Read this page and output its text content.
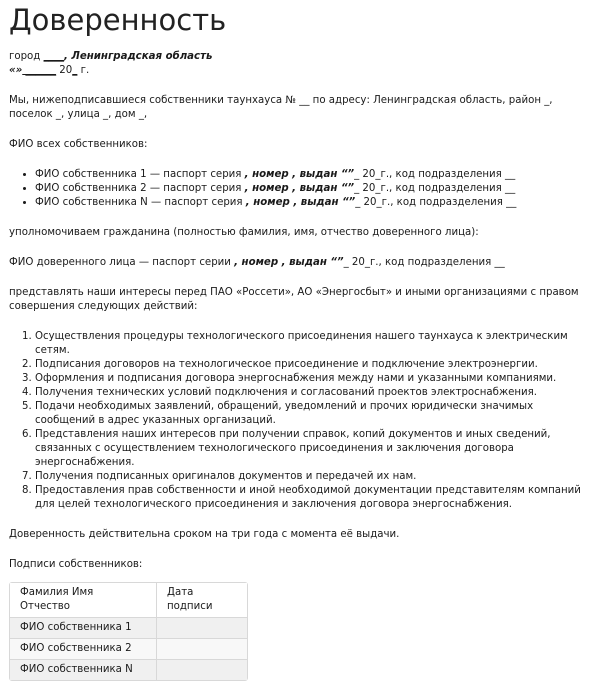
Доверенность

город ____, Ленинградская область

«» ______ 20_ г.

Мы, нижеподписавшиеся собственники таунхауса № __ по адресу: Ленинградская область, район _, поселок _, улица _, дом _,

ФИО всех собственников:

• ФИО собственника 1 — паспорт серия , номер , выдан “”_ 20_г., код подразделения __
• ФИО собственника 2 — паспорт серия , номер , выдан “”_ 20_г., код подразделения __
• ФИО собственника N — паспорт серия , номер , выдан “”_ 20_г., код подразделения __

уполномочиваем гражданина (полностью фамилия, имя, отчество доверенного лица):

ФИО доверенного лица — паспорт серии , номер , выдан “”_ 20_г., код подразделения __

представлять наши интересы перед ПАО «Россети», АО «Энергосбыт» и иными организациями с правом совершения следующих действий:

1. Осуществления процедуры технологического присоединения нашего таунхауса к электрическим сетям.
2. Подписания договоров на технологическое присоединение и подключение электроэнергии.
3. Оформления и подписания договора энергоснабжения между нами и указанными компаниями.
4. Получения технических условий подключения и согласований проектов электроснабжения.
5. Подачи необходимых заявлений, обращений, уведомлений и прочих юридически значимых сообщений в адрес указанных организаций.
6. Представления наших интересов при получении справок, копий документов и иных сведений, связанных с осуществлением технологического присоединения и заключения договора энергоснабжения.
7. Получения подписанных оригиналов документов и передачей их нам.
8. Предоставления прав собственности и иной необходимой документации представителям компаний для целей технологического присоединения и заключения договора энергоснабжения.

Доверенность действительна сроком на три года с момента её выдачи.

Подписи собственников:

Фамилия Имя Отчество	Дата подписи
ФИО собственника 1	
ФИО собственника 2	
ФИО собственника N	
